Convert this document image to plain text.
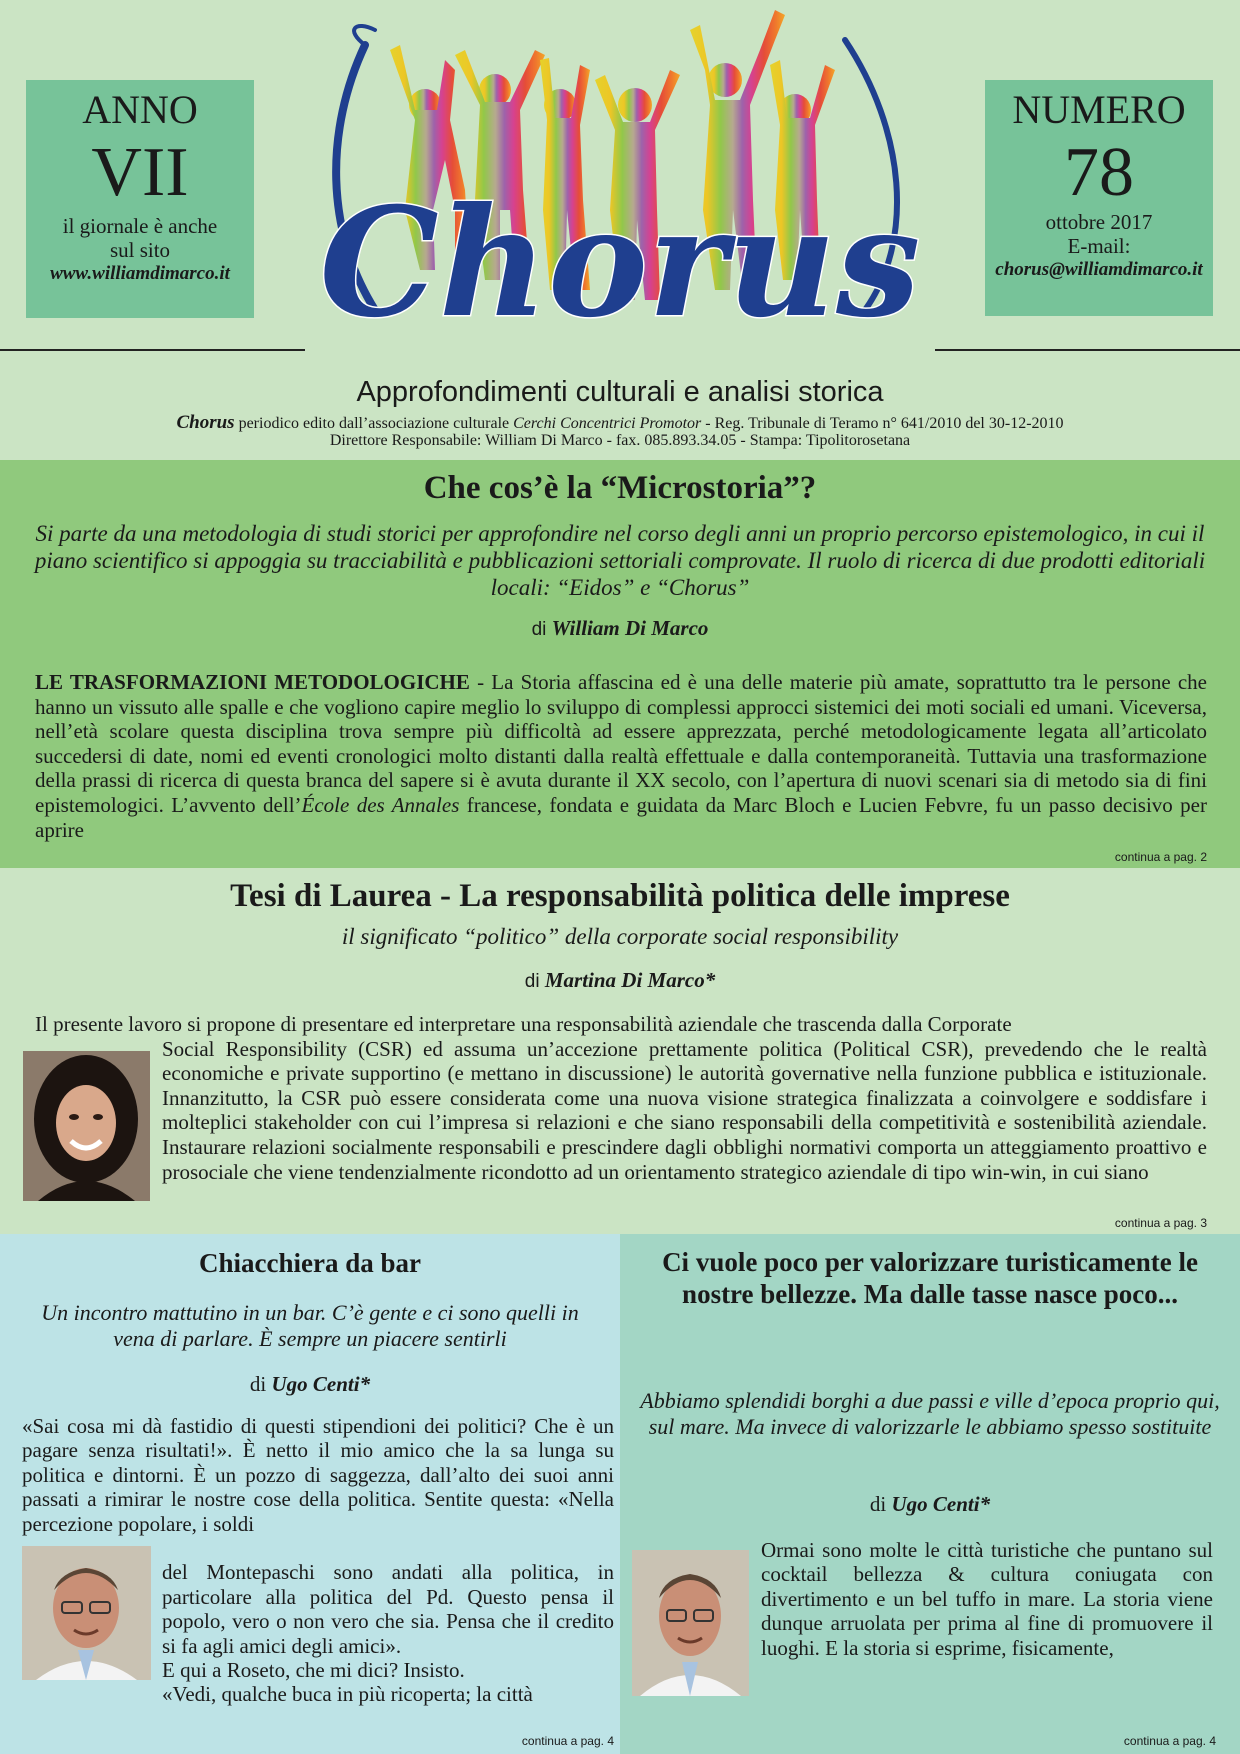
ANNO
VII
il giornale è anche
sul sito
www.williamdimarco.it
NUMERO
78
ottobre 2017
E-mail:
chorus@williamdimarco.it
Chorus
Approfondimenti culturali e analisi storica
Chorus periodico edito dall’associazione culturale Cerchi Concentrici Promotor - Reg. Tribunale di Teramo n° 641/2010 del 30-12-2010
Direttore Responsabile: William Di Marco - fax. 085.893.34.05 - Stampa: Tipolitorosetana
Che cos’è la “Microstoria”?
Si parte da una metodologia di studi storici per approfondire nel corso degli anni un proprio percorso epistemologico, in cui il piano scientifico si appoggia su tracciabilità e pubblicazioni settoriali comprovate. Il ruolo di ricerca di due prodotti editoriali locali: “Eidos” e “Chorus”
di William Di Marco
LE TRASFORMAZIONI METODOLOGICHE - La Storia affascina ed è una delle materie più amate, soprattutto tra le persone che hanno un vissuto alle spalle e che vogliono capire meglio lo sviluppo di complessi approcci sistemici dei moti sociali ed umani. Viceversa, nell’età scolare questa disciplina trova sempre più difficoltà ad essere apprezzata, perché metodologicamente legata all’articolato succedersi di date, nomi ed eventi cronologici molto distanti dalla realtà effettuale e dalla contemporaneità. Tuttavia una trasformazione della prassi di ricerca di questa branca del sapere si è avuta durante il XX secolo, con l’apertura di nuovi scenari sia di metodo sia di fini epistemologici. L’avvento dell’École des Annales francese, fondata e guidata da Marc Bloch e Lucien Febvre, fu un passo decisivo per aprire
continua a pag. 2
Tesi di Laurea - La responsabilità politica delle imprese
il significato “politico” della corporate social responsibility
di Martina Di Marco*
Il presente lavoro si propone di presentare ed interpretare una responsabilità aziendale che trascenda dalla Corporate
Social Responsibility (CSR) ed assuma un’accezione prettamente politica (Political CSR), prevedendo che le realtà economiche e private supportino (e mettano in discussione) le autorità governative nella funzione pubblica e istituzionale. Innanzitutto, la CSR può essere considerata come una nuova visione strategica finalizzata a coinvolgere e soddisfare i molteplici stakeholder con cui l’impresa si relazioni e che siano responsabili della competitività e sostenibilità aziendale. Instaurare relazioni socialmente responsabili e prescindere dagli obblighi normativi comporta un atteggiamento proattivo e prosociale che viene tendenzialmente ricondotto ad un orientamento strategico aziendale di tipo win-win, in cui siano
continua a pag. 3
Chiacchiera da bar
Un incontro mattutino in un bar. C’è gente e ci sono quelli in vena di parlare. È sempre un piacere sentirli
di Ugo Centi*
«Sai cosa mi dà fastidio di questi stipendioni dei politici? Che è un pagare senza risultati!». È netto il mio amico che la sa lunga su politica e dintorni. È un pozzo di saggezza, dall’alto dei suoi anni passati a rimirar le nostre cose della politica. Sentite questa: «Nella percezione popolare, i soldi
del Montepaschi sono andati alla politica, in particolare alla politica del Pd. Questo pensa il popolo, vero o non vero che sia. Pensa che il credito si fa agli amici degli amici».
E qui a Roseto, che mi dici? Insisto.
«Vedi, qualche buca in più ricoperta; la città
continua a pag. 4
Ci vuole poco per valorizzare turisticamente le nostre bellezze. Ma dalle tasse nasce poco...
Abbiamo splendidi borghi a due passi e ville d’epoca proprio qui, sul mare. Ma invece di valorizzarle le abbiamo spesso sostituite
di Ugo Centi*
Ormai sono molte le città turistiche che puntano sul cocktail bellezza & cultura coniugata con divertimento e un bel tuffo in mare. La storia viene dunque arruolata per prima al fine di promuovere il luoghi. E la storia si esprime, fisicamente,
continua a pag. 4
